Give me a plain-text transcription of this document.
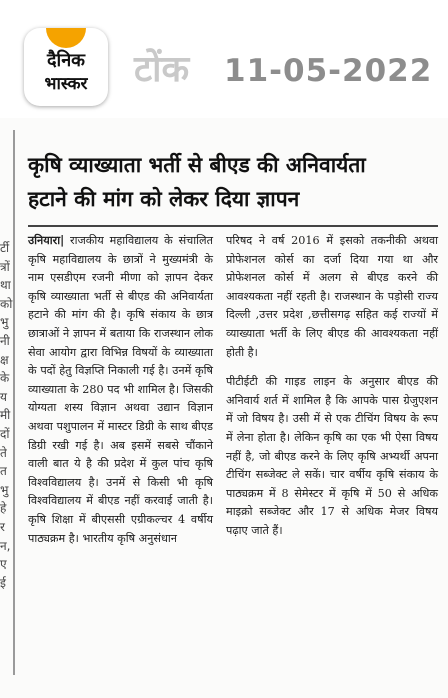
दैनिक
भास्कर	टोंक 11-05-2022
र्टी
त्रों
था
को
भु
नी
क्ष
के
य
मी
दों
ते
त
भु
हे
र
न,
ए
ई
कृषि व्याख्याता भर्ती से बीएड की अनिवार्यता
हटाने की मांग को लेकर दिया ज्ञापन

उनियारा| राजकीय महाविद्यालय के संचालित कृषि महाविद्यालय के छात्रों ने मुख्यमंत्री के नाम एसडीएम रजनी मीणा को ज्ञापन देकर कृषि व्याख्याता भर्ती से बीएड की अनिवार्यता हटाने की मांग की है। कृषि संकाय के छात्र छात्राओं ने ज्ञापन में बताया कि राजस्थान लोक सेवा आयोग द्वारा विभिन्न विषयों के व्याख्याता के पदों हेतु विज्ञप्ति निकाली गई है। उनमें कृषि व्याख्याता के 280 पद भी शामिल है। जिसकी योग्यता शस्य विज्ञान अथवा उद्यान विज्ञान अथवा पशुपालन में मास्टर डिग्री के साथ बीएड डिग्री रखी गई है। अब इसमें सबसे चौंकाने वाली बात ये है की प्रदेश में कुल पांच कृषि विश्वविद्यालय है। उनमें से किसी भी कृषि विश्वविद्यालय में बीएड नहीं करवाई जाती है। कृषि शिक्षा में बीएससी एग्रीकल्चर 4 वर्षीय पाठ्यक्रम है। भारतीय कृषि अनुसंधान

परिषद ने वर्ष 2016 में इसको तकनीकी अथवा प्रोफेशनल कोर्स का दर्जा दिया गया था और प्रोफेशनल कोर्स में अलग से बीएड करने की आवश्यकता नहीं रहती है। राजस्थान के पड़ोसी राज्य दिल्ली ,उत्तर प्रदेश ,छत्तीसगढ़ सहित कई राज्यों में व्याख्याता भर्ती के लिए बीएड की आवश्यकता नहीं होती है।

पीटीईटी की गाइड लाइन के अनुसार बीएड की अनिवार्य शर्त में शामिल है कि आपके पास ग्रेजुएशन में जो विषय है। उसी में से एक टीचिंग विषय के रूप में लेना होता है। लेकिन कृषि का एक भी ऐसा विषय नहीं है, जो बीएड करने के लिए कृषि अभ्यर्थी अपना टीचिंग सब्जेक्ट ले सकें। चार वर्षीय कृषि संकाय के पाठ्यक्रम में 8 सेमेस्टर में कृषि में 50 से अधिक माइक्रो सब्जेक्ट और 17 से अधिक मेजर विषय पढ़ाए जाते हैं।
